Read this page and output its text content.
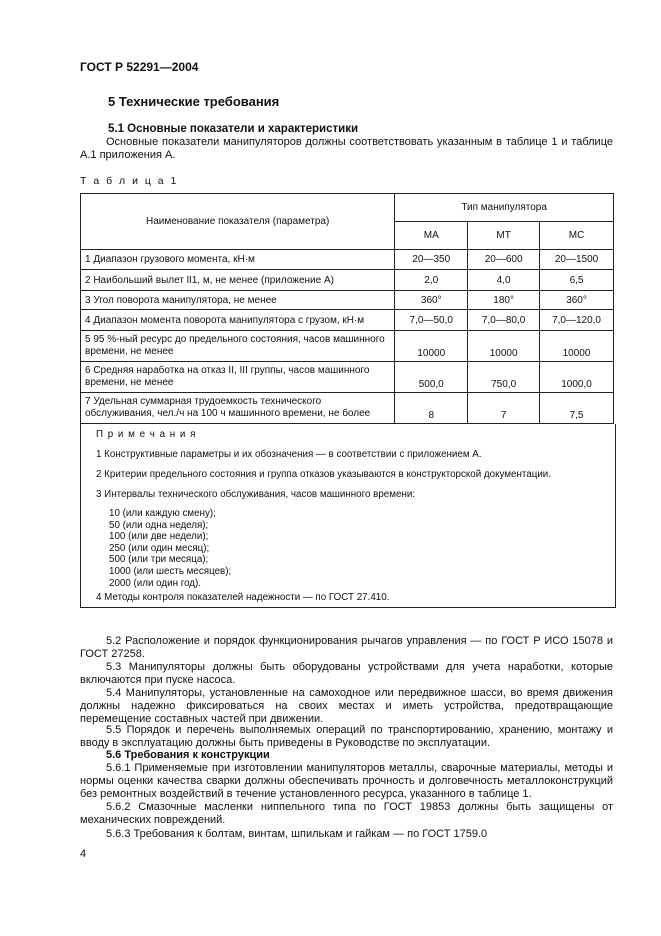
ГОСТ Р 52291—2004
5 Технические требования
5.1 Основные показатели и характеристики
Основные показатели манипуляторов должны соответствовать указанным в таблице 1 и таблице А.1 приложения А.
Т а б л и ц а 1
Наименование показателя (параметра)	Тип манипулятора		
	МА	МТ	МС
1 Диапазон грузового момента, кН·м	20—350	20—600	20—1500
2 Наибольший вылет lI1, м, не менее (приложение А)	2,0	4,0	6,5
3 Угол поворота манипулятора, не менее	360°	180°	360°
4 Диапазон момента поворота манипулятора с грузом, кН·м	7,0—50,0	7,0—80,0	7,0—120,0
5 95 %-ный ресурс до предельного состояния, часов машинного времени, не менее	10000	10000	10000
6 Средняя наработка на отказ II, III группы, часов машинного времени, не менее	500,0	750,0	1000,0
7 Удельная суммарная трудоемкость технического обслуживания, чел./ч на 100 ч машинного времени, не более	8	7	7,5
П р и м е ч а н и я
1 Конструктивные параметры и их обозначения — в соответствии с приложением А.
2 Критерии предельного состояния и группа отказов указываются в конструкторской документации.
3 Интервалы технического обслуживания, часов машинного времени:
10 (или каждую смену);
50 (или одна неделя);
100 (или две недели);
250 (или один месяц);
500 (или три месяца);
1000 (или шесть месяцев);
2000 (или один год).
4 Методы контроля показателей надежности — по ГОСТ 27.410.
5.2 Расположение и порядок функционирования рычагов управления — по ГОСТ Р ИСО 15078 и ГОСТ 27258.
5.3 Манипуляторы должны быть оборудованы устройствами для учета наработки, которые включаются при пуске насоса.
5.4 Манипуляторы, установленные на самоходное или передвижное шасси, во время движения должны надежно фиксироваться на своих местах и иметь устройства, предотвращающие перемещение составных частей при движении.
5.5 Порядок и перечень выполняемых операций по транспортированию, хранению, монтажу и вводу в эксплуатацию должны быть приведены в Руководстве по эксплуатации.
5.6 Требования к конструкции
5.6.1 Применяемые при изготовлении манипуляторов металлы, сварочные материалы, методы и нормы оценки качества сварки должны обеспечивать прочность и долговечность металлоконструкций без ремонтных воздействий в течение установленного ресурса, указанного в таблице 1.
5.6.2 Смазочные масленки ниппельного типа по ГОСТ 19853 должны быть защищены от механических повреждений.
5.6.3 Требования к болтам, винтам, шпилькам и гайкам — по ГОСТ 1759.0
4
